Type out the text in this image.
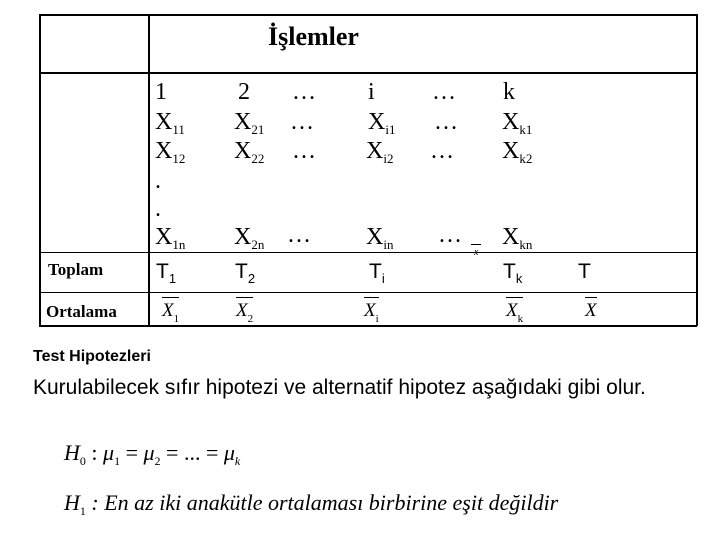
İşlemler
Toplam
Ortalama
1
$X_{11}$
$X_{12}$
.
.
$X_{1n}$
$T_1$
$X_1$
2
$X_{21}$
$X_{22}$
$X_{2n}$
$T_2$
$X_2$
…
…
…
…
i
$X_{i1}$
$X_{i2}$
$X_{in}$
$T_i$
$X_i$
…
…
…
…
x
k
$X_{k1}$
$X_{k2}$
$X_{kn}$
$T_k$
$X_k$
T
X
Test Hipotezleri
Kurulabilecek sıfır hipotezi ve alternatif hipotez aşağıdaki gibi olur.
$H_0$ : $\mu_1 = \mu_2$ = ... = $\mu_k$
$H_1$ : En az iki anakütle ortalaması birbirine eşit değildir
